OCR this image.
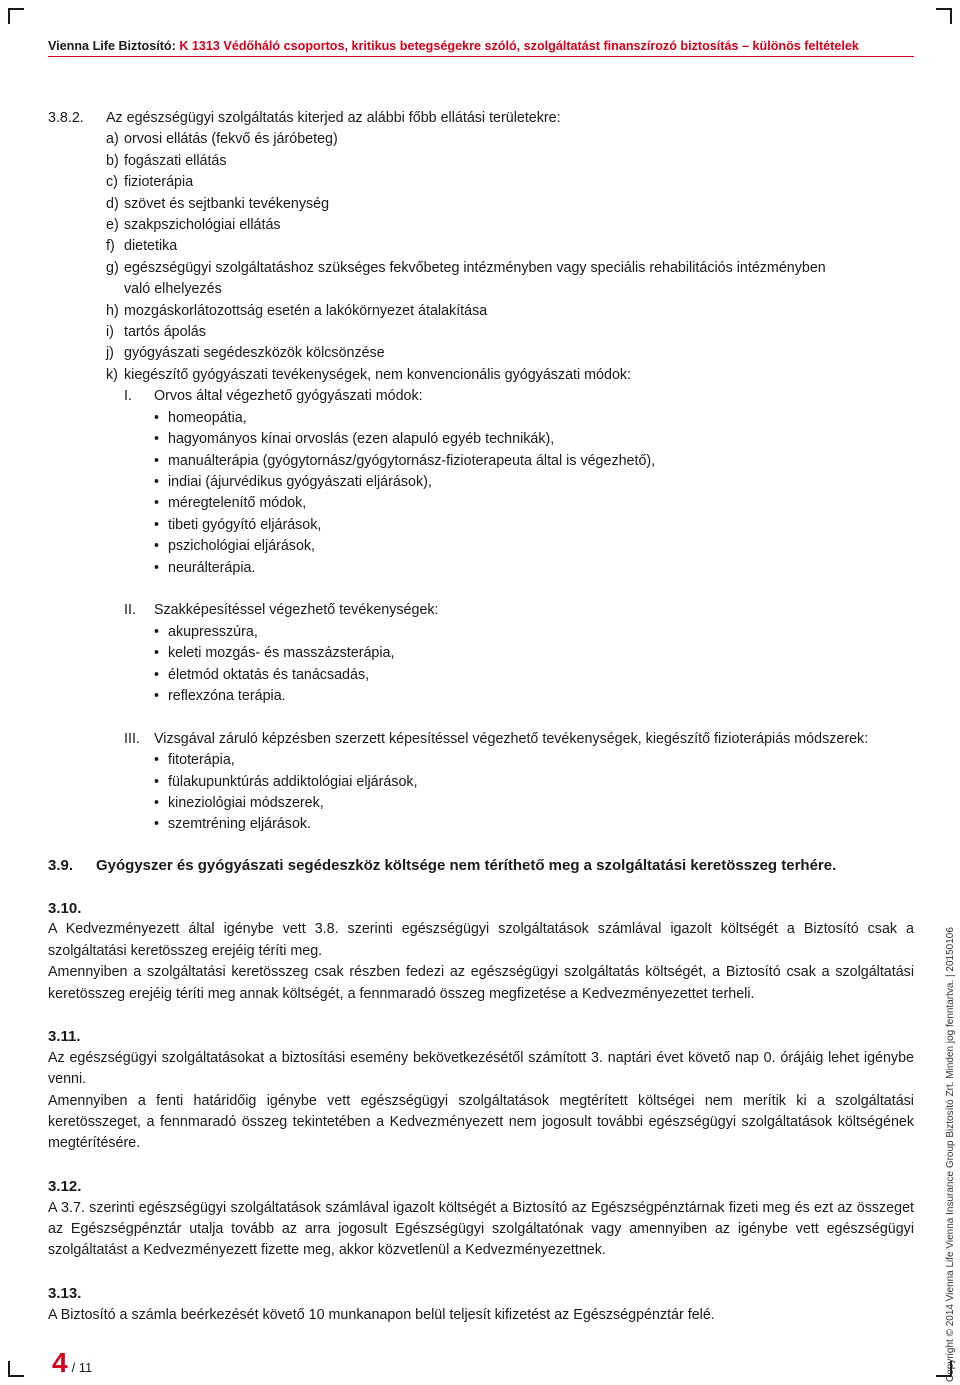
Vienna Life Biztosító: K 1313 Védőháló csoportos, kritikus betegségekre szóló, szolgáltatást finanszírozó biztosítás – különös feltételek
3.8.2.	Az egészségügyi szolgáltatás kiterjed az alábbi főbb ellátási területekre:
a) orvosi ellátás (fekvő és járóbeteg)
b) fogászati ellátás
c) fizioterápia
d) szövet és sejtbanki tevékenység
e) szakpszichológiai ellátás
f) dietetika
g) egészségügyi szolgáltatáshoz szükséges fekvőbeteg intézményben vagy speciális rehabilitációs intézményben
való elhelyezés
h) mozgáskorlátozottság esetén a lakókörnyezet átalakítása
i) tartós ápolás
j) gyógyászati segédeszközök kölcsönzése
k) kiegészítő gyógyászati tevékenységek, nem konvencionális gyógyászati módok:
I.	Orvos által végezhető gyógyászati módok:
• homeopátia,
• hagyományos kínai orvoslás (ezen alapuló egyéb technikák),
• manuálterápia (gyógytornász/gyógytornász-fizioterapeuta által is végezhető),
• indiai (ájurvédikus gyógyászati eljárások),
• méregtelenítő módok,
• tibeti gyógyító eljárások,
• pszichológiai eljárások,
• neurálterápia.
II.	Szakképesítéssel végezhető tevékenységek:
• akupresszúra,
• keleti mozgás- és masszázsterápia,
• életmód oktatás és tanácsadás,
• reflexzóna terápia.
III. Vizsgával záruló képzésben szerzett képesítéssel végezhető tevékenységek, kiegészítő fizioterápiás módszerek:
• fitoterápia,
• fülakupunktúrás addiktológiai eljárások,
• kineziológiai módszerek,
• szemtréning eljárások.
3.9. Gyógyszer és gyógyászati segédeszköz költsége nem téríthető meg a szolgáltatási keretösszeg terhére.
3.10.

A Kedvezményezett által igénybe vett 3.8. szerinti egészségügyi szolgáltatások számlával igazolt költségét a Biztosító csak a szolgáltatási keretösszeg erejéig téríti meg.

Amennyiben a szolgáltatási keretösszeg csak részben fedezi az egészségügyi szolgáltatás költségét, a Biztosító csak a szolgáltatási keretösszeg erejéig téríti meg annak költségét, a fennmaradó összeg megfizetése a Kedvezményezettet terheli.

3.11.

Az egészségügyi szolgáltatásokat a biztosítási esemény bekövetkezésétől számított 3. naptári évet követő nap 0. órájáig lehet igénybe venni.

Amennyiben a fenti határidőig igénybe vett egészségügyi szolgáltatások megtérített költségei nem merítik ki a szolgáltatási keretösszeget, a fennmaradó összeg tekintetében a Kedvezményezett nem jogosult további egészségügyi szolgáltatások költségének megtérítésére.

3.12.

A 3.7. szerinti egészségügyi szolgáltatások számlával igazolt költségét a Biztosító az Egészségpénztárnak fizeti meg és ezt az összeget az Egészségpénztár utalja tovább az arra jogosult Egészségügyi szolgáltatónak vagy amennyiben az igénybe vett egészségügyi szolgáltatást a Kedvezményezett fizette meg, akkor közvetlenül a Kedvezményezettnek.

3.13.

A Biztosító a számla beérkezését követő 10 munkanapon belül teljesít kifizetést az Egészségpénztár felé.

4 / 11	Copyright © 2014 Vienna Life Vienna Insurance Group Biztosító Zrt. Minden jog fenntartva. | 20150106
